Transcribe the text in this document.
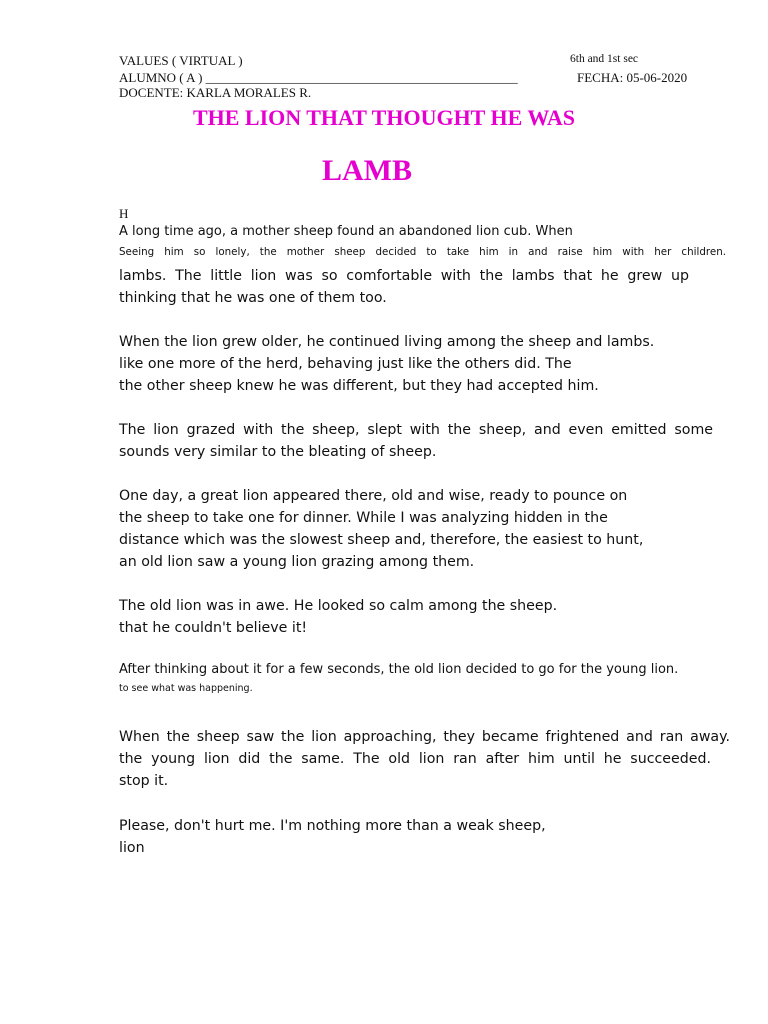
VALUES ( VIRTUAL )	6th and 1st sec
ALUMNO ( A ) ________________________________________________	FECHA: 05-06-2020
DOCENTE: KARLA MORALES R.
THE LION THAT THOUGHT HE WAS
LAMB
H
A long time ago, a mother sheep found an abandoned lion cub. When
Seeing him so lonely, the mother sheep decided to take him in and raise him with her children.
lambs. The little lion was so comfortable with the lambs that he grew up
thinking that he was one of them too.
When the lion grew older, he continued living among the sheep and lambs.
like one more of the herd, behaving just like the others did. The
the other sheep knew he was different, but they had accepted him.
The lion grazed with the sheep, slept with the sheep, and even emitted some
sounds very similar to the bleating of sheep.
One day, a great lion appeared there, old and wise, ready to pounce on
the sheep to take one for dinner. While I was analyzing hidden in the
distance which was the slowest sheep and, therefore, the easiest to hunt,
an old lion saw a young lion grazing among them.
The old lion was in awe. He looked so calm among the sheep.
that he couldn't believe it!
After thinking about it for a few seconds, the old lion decided to go for the young lion.
to see what was happening.
When the sheep saw the lion approaching, they became frightened and ran away.
the young lion did the same. The old lion ran after him until he succeeded.
stop it.
Please, don't hurt me. I'm nothing more than a weak sheep,
lion
